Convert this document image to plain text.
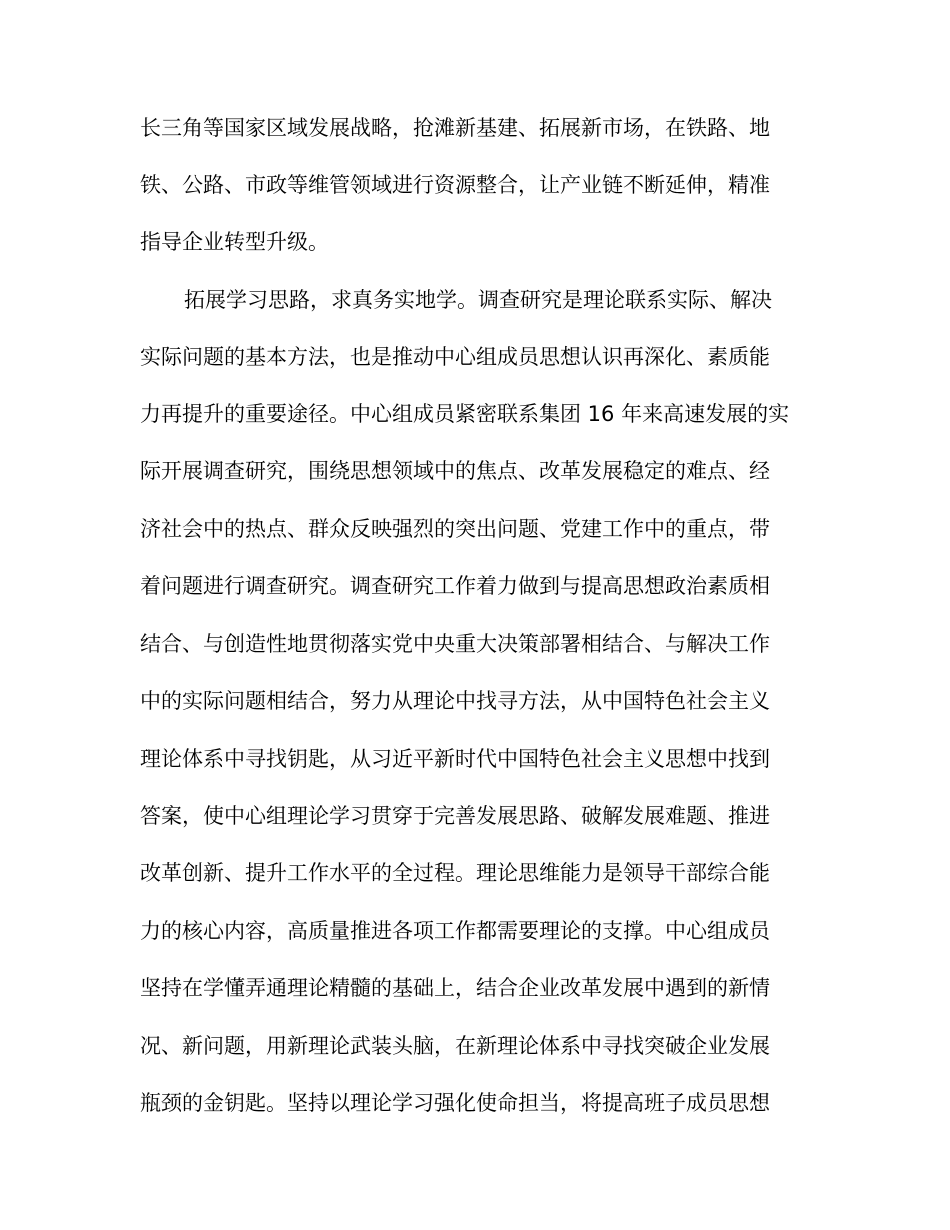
长三角等国家区域发展战略，抢滩新基建、拓展新市场，在铁路、地
铁、公路、市政等维管领域进行资源整合，让产业链不断延伸，精准
指导企业转型升级。
拓展学习思路，求真务实地学。调查研究是理论联系实际、解决
实际问题的基本方法，也是推动中心组成员思想认识再深化、素质能
力再提升的重要途径。中心组成员紧密联系集团 16 年来高速发展的实
际开展调查研究，围绕思想领域中的焦点、改革发展稳定的难点、经
济社会中的热点、群众反映强烈的突出问题、党建工作中的重点，带
着问题进行调查研究。调查研究工作着力做到与提高思想政治素质相
结合、与创造性地贯彻落实党中央重大决策部署相结合、与解决工作
中的实际问题相结合，努力从理论中找寻方法，从中国特色社会主义
理论体系中寻找钥匙，从习近平新时代中国特色社会主义思想中找到
答案，使中心组理论学习贯穿于完善发展思路、破解发展难题、推进
改革创新、提升工作水平的全过程。理论思维能力是领导干部综合能
力的核心内容，高质量推进各项工作都需要理论的支撑。中心组成员
坚持在学懂弄通理论精髓的基础上，结合企业改革发展中遇到的新情
况、新问题，用新理论武装头脑，在新理论体系中寻找突破企业发展
瓶颈的金钥匙。坚持以理论学习强化使命担当，将提高班子成员思想
